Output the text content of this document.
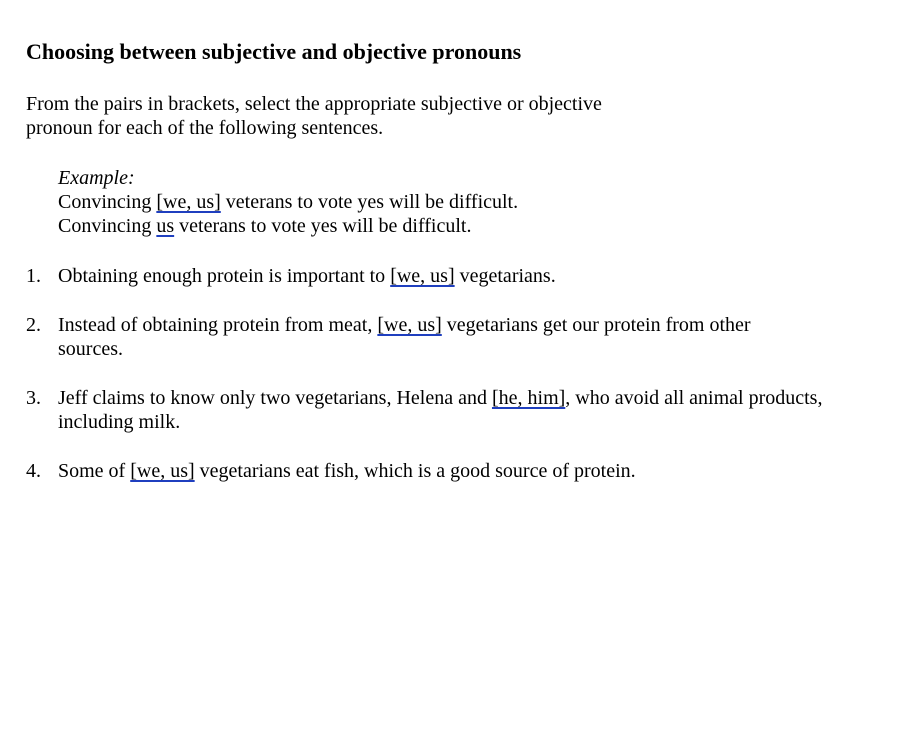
Choosing between subjective and objective pronouns

From the pairs in brackets, select the appropriate subjective or objective pronoun for each of the following sentences.

Example:
Convincing [we, us] veterans to vote yes will be difficult.
Convincing us veterans to vote yes will be difficult.
1. Obtaining enough protein is important to [we, us] vegetarians.
2. Instead of obtaining protein from meat, [we, us] vegetarians get our protein from other sources.
3. Jeff claims to know only two vegetarians, Helena and [he, him], who avoid all animal products, including milk.
4. Some of [we, us] vegetarians eat fish, which is a good source of protein.
